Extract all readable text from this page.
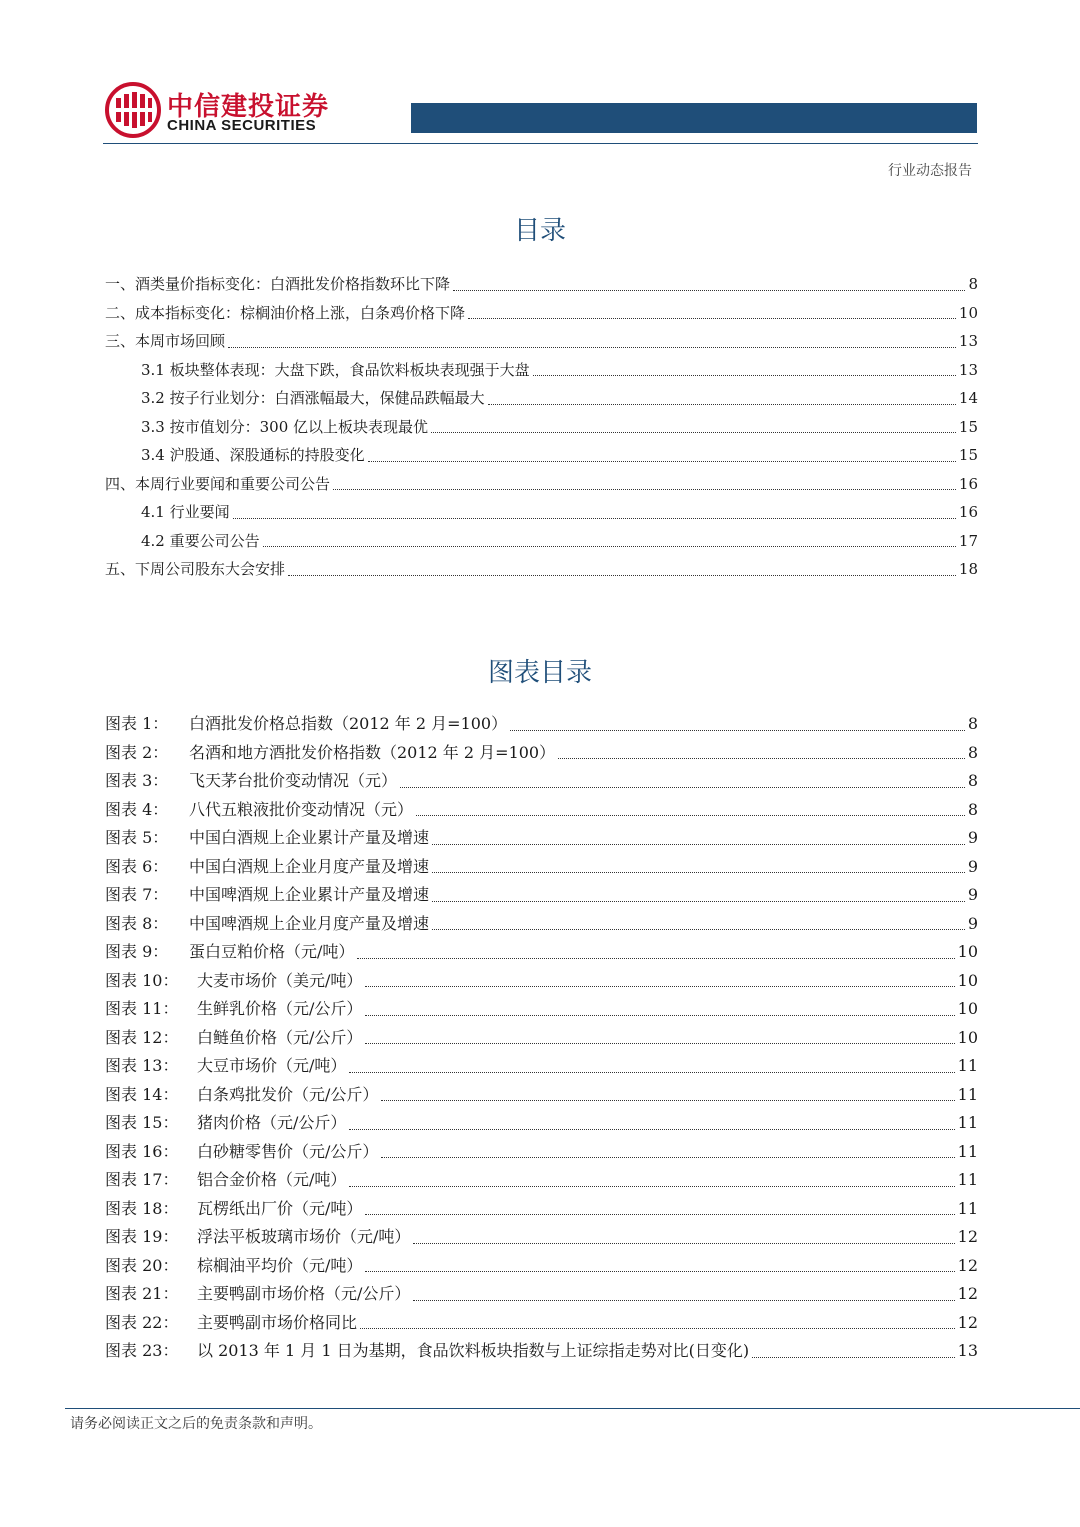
中信建投证券
CHINA SECURITIES
行业动态报告
目录
一、酒类量价指标变化：白酒批发价格指数环比下降	8
二、成本指标变化：棕榈油价格上涨，白条鸡价格下降	10
三、本周市场回顾	13
3.1 板块整体表现：大盘下跌，食品饮料板块表现强于大盘	13
3.2 按子行业划分：白酒涨幅最大，保健品跌幅最大	14
3.3 按市值划分：300 亿以上板块表现最优	15
3.4 沪股通、深股通标的持股变化	15
四、本周行业要闻和重要公司公告	16
4.1 行业要闻	16
4.2 重要公司公告	17
五、下周公司股东大会安排	18
图表目录
图表 1：	白酒批发价格总指数（2012 年 2 月=100）	8
图表 2：	名酒和地方酒批发价格指数（2012 年 2 月=100）	8
图表 3：	飞天茅台批价变动情况（元）	8
图表 4：	八代五粮液批价变动情况（元）	8
图表 5：	中国白酒规上企业累计产量及增速	9
图表 6：	中国白酒规上企业月度产量及增速	9
图表 7：	中国啤酒规上企业累计产量及增速	9
图表 8：	中国啤酒规上企业月度产量及增速	9
图表 9：	蛋白豆粕价格（元/吨）	10
图表 10：	大麦市场价（美元/吨）	10
图表 11：	生鲜乳价格（元/公斤）	10
图表 12：	白鲢鱼价格（元/公斤）	10
图表 13：	大豆市场价（元/吨）	11
图表 14：	白条鸡批发价（元/公斤）	11
图表 15：	猪肉价格（元/公斤）	11
图表 16：	白砂糖零售价（元/公斤）	11
图表 17：	铝合金价格（元/吨）	11
图表 18：	瓦楞纸出厂价（元/吨）	11
图表 19：	浮法平板玻璃市场价（元/吨）	12
图表 20：	棕榈油平均价（元/吨）	12
图表 21：	主要鸭副市场价格（元/公斤）	12
图表 22：	主要鸭副市场价格同比	12
图表 23：	以 2013 年 1 月 1 日为基期，食品饮料板块指数与上证综指走势对比(日变化)	13
请务必阅读正文之后的免责条款和声明。
